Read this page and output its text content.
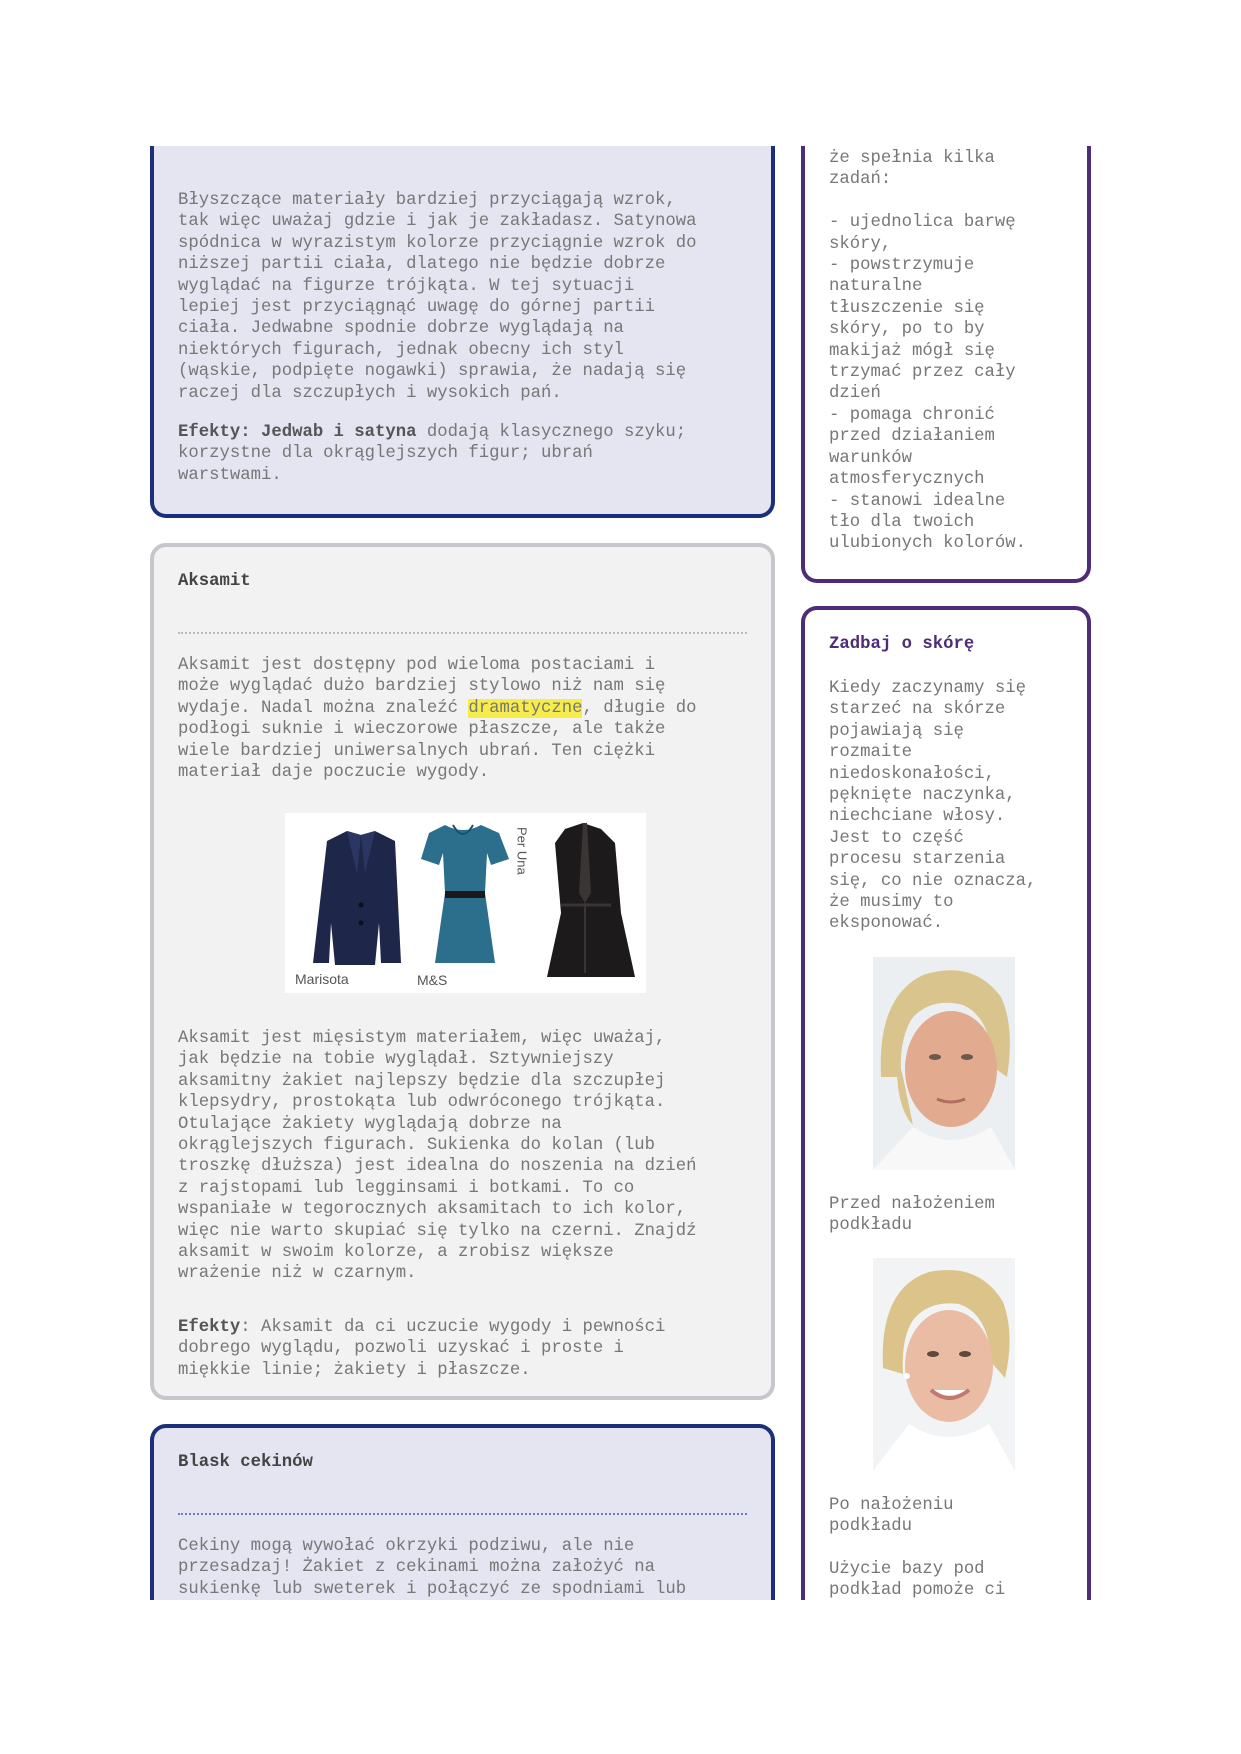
Błyszczące materiały bardziej przyciągają wzrok,
tak więc uważaj gdzie i jak je zakładasz. Satynowa
spódnica w wyrazistym kolorze przyciągnie wzrok do
niższej partii ciała, dlatego nie będzie dobrze
wyglądać na figurze trójkąta. W tej sytuacji
lepiej jest przyciągnąć uwagę do górnej partii
ciała. Jedwabne spodnie dobrze wyglądają na
niektórych figurach, jednak obecny ich styl
(wąskie, podpięte nogawki) sprawia, że nadają się
raczej dla szczupłych i wysokich pań.

Efekty: Jedwab i satyna dodają klasycznego szyku;
korzystne dla okrąglejszych figur; ubrań
warstwami.

Aksamit

Aksamit jest dostępny pod wieloma postaciami i
może wyglądać dużo bardziej stylowo niż nam się
wydaje. Nadal można znaleźć dramatyczne, długie do
podłogi suknie i wieczorowe płaszcze, ale także
wiele bardziej uniwersalnych ubrań. Ten ciężki
materiał daje poczucie wygody.

Marisota	M&S
Per Una

Aksamit jest mięsistym materiałem, więc uważaj,
jak będzie na tobie wyglądał. Sztywniejszy
aksamitny żakiet najlepszy będzie dla szczupłej
klepsydry, prostokąta lub odwróconego trójkąta.
Otulające żakiety wyglądają dobrze na
okrąglejszych figurach. Sukienka do kolan (lub
troszkę dłuższa) jest idealna do noszenia na dzień
z rajstopami lub legginsami i botkami. To co
wspaniałe w tegorocznych aksamitach to ich kolor,
więc nie warto skupiać się tylko na czerni. Znajdź
aksamit w swoim kolorze, a zrobisz większe
wrażenie niż w czarnym.

Efekty: Aksamit da ci uczucie wygody i pewności
dobrego wyglądu, pozwoli uzyskać i proste i
miękkie linie; żakiety i płaszcze.

Blask cekinów

Cekiny mogą wywołać okrzyki podziwu, ale nie
przesadzaj! Żakiet z cekinami można założyć na
sukienkę lub sweterek i połączyć ze spodniami lub

że spełnia kilka
zadań:

- ujednolica barwę
skóry,
- powstrzymuje
naturalne
tłuszczenie się
skóry, po to by
makijaż mógł się
trzymać przez cały
dzień
- pomaga chronić
przed działaniem
warunków
atmosferycznych
- stanowi idealne
tło dla twoich
ulubionych kolorów.

Zadbaj o skórę

Kiedy zaczynamy się
starzeć na skórze
pojawiają się
rozmaite
niedoskonałości,
pęknięte naczynka,
niechciane włosy.
Jest to część
procesu starzenia
się, co nie oznacza,
że musimy to
eksponować.

Przed nałożeniem
podkładu

Po nałożeniu
podkładu

Użycie bazy pod
podkład pomoże ci
